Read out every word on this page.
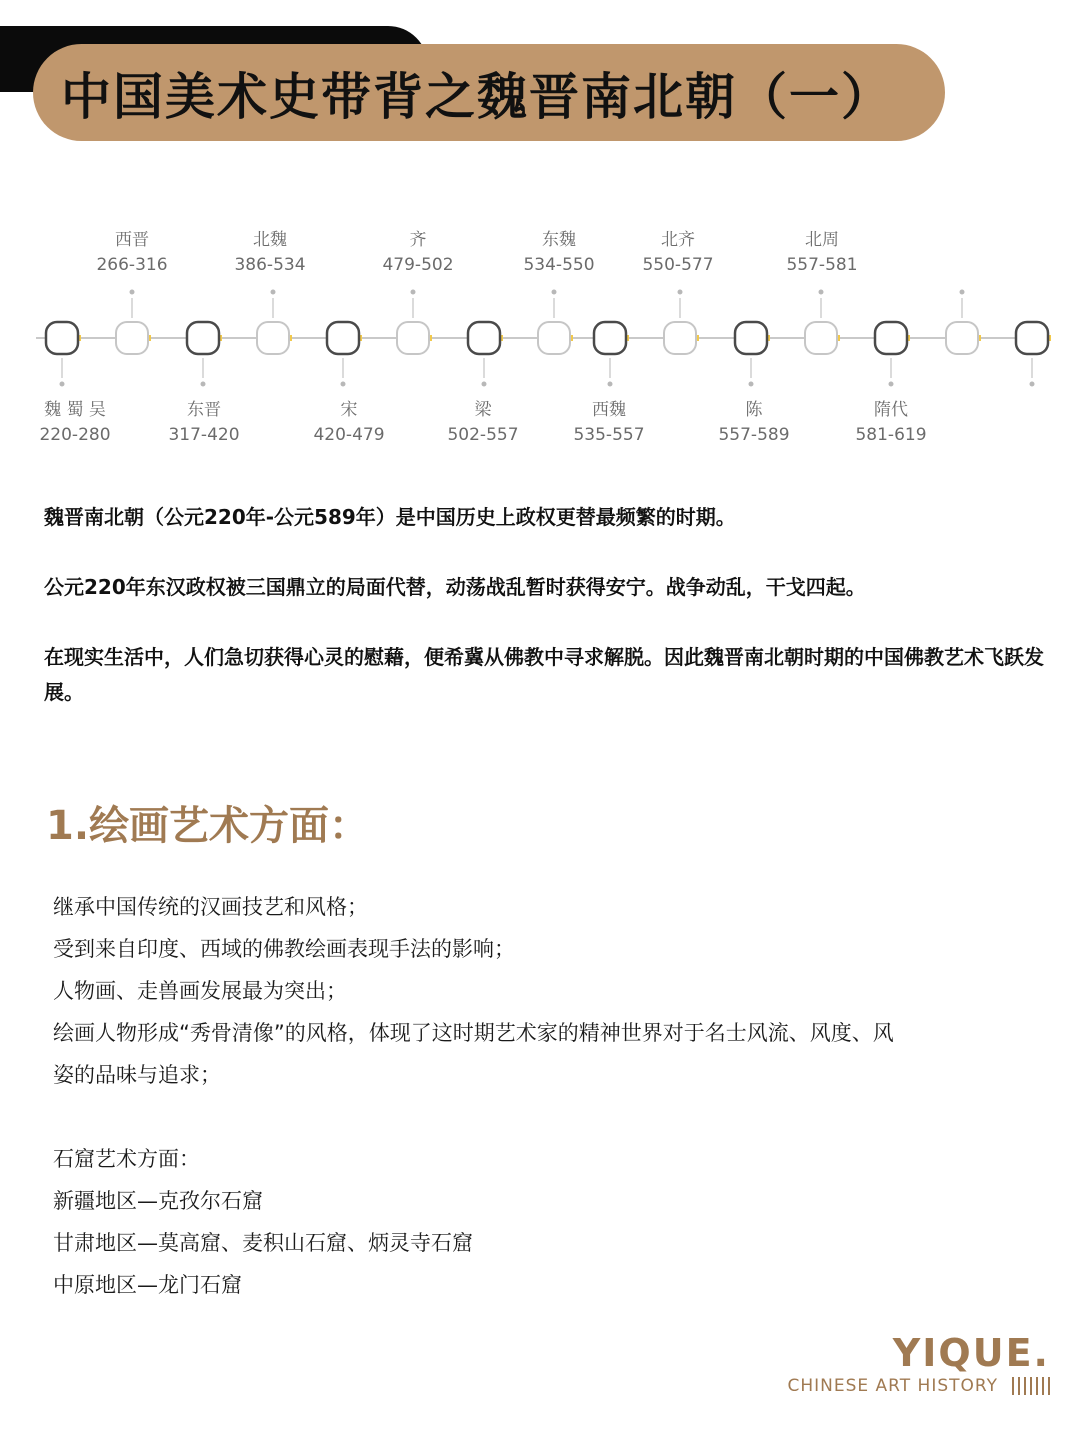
中国美术史带背之魏晋南北朝（一）
西晋
266-316
北魏
386-534
齐
479-502
东魏
534-550
北齐
550-577
北周
557-581
魏 蜀 吴
220-280
东晋
317-420
宋
420-479
梁
502-557
西魏
535-557
陈
557-589
隋代
581-619

魏晋南北朝（公元220年-公元589年）是中国历史上政权更替最频繁的时期。

公元220年东汉政权被三国鼎立的局面代替，动荡战乱暂时获得安宁。战争动乱，干戈四起。

在现实生活中，人们急切获得心灵的慰藉，便希冀从佛教中寻求解脱。因此魏晋南北朝时期的中国佛教艺术飞跃发展。

1.绘画艺术方面：
继承中国传统的汉画技艺和风格；
受到来自印度、西域的佛教绘画表现手法的影响；
人物画、走兽画发展最为突出；
绘画人物形成“秀骨清像”的风格，体现了这时期艺术家的精神世界对于名士风流、风度、风
姿的品味与追求；
石窟艺术方面：
新疆地区—克孜尔石窟
甘肃地区—莫高窟、麦积山石窟、炳灵寺石窟
中原地区—龙门石窟
YIQUE.
CHINESE ART HISTORY
